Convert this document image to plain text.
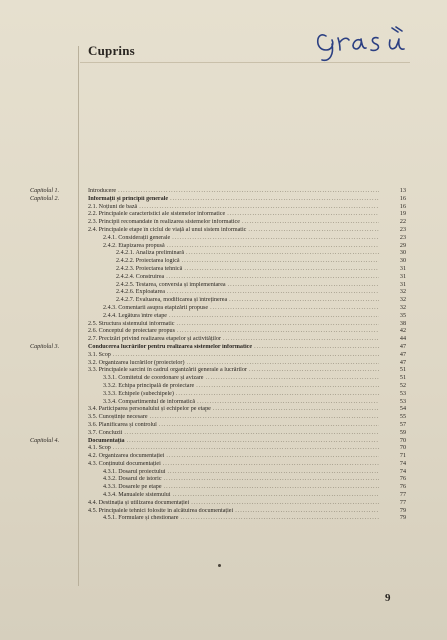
Cuprins
Capitolul 1.	Introducere .....	13
Capitolul 2.	Informații și principii generale .....	16
2.1. Noțiuni de bază .....	16
2.2. Principalele caracteristici ale sistemelor informatice .....	19
2.3. Principii recomandate în realizarea sistemelor informatice .....	22
2.4. Principalele etape în ciclul de viață al unui sistem informatic .....	23
2.4.1. Considerații generale .....	23
2.4.2. Etapizarea propusă .....	29
2.4.2.1. Analiza preliminară .....	30
2.4.2.2. Proiectarea logică .....	30
2.4.2.3. Proiectarea tehnică .....	31
2.4.2.4. Construirea .....	31
2.4.2.5. Testarea, conversia și implementarea .....	31
2.4.2.6. Exploatarea .....	32
2.4.2.7. Evaluarea, modificarea și întreținerea .....	32
2.4.3. Comentarii asupra etapizării propuse .....	32
2.4.4. Legătura între etape .....	35
2.5. Structura sistemului informatic .....	38
2.6. Conceptul de proiectare propus .....	42
2.7. Precizări privind realizarea etapelor și activităților .....	44
Capitolul 3.	Conducerea lucrărilor pentru realizarea sistemelor informatice .....	47
3.1. Scop .....	47
3.2. Organizarea lucrărilor (proiectelor) .....	47
3.3. Principalele sarcini în cadrul organizării generale a lucrărilor .....	51
3.3.1. Comitetul de coordonare și avizare .....	51
3.3.2. Echipa principală de proiectare .....	52
3.3.3. Echipele (subechipele) .....	53
3.3.4. Compartimentul de informatică .....	53
3.4. Participarea personalului și echipelor pe etape .....	54
3.5. Cunoștințe necesare .....	55
3.6. Planificarea și controlul .....	57
3.7. Concluzii .....	59
Capitolul 4.	Documentația .....	70
4.1. Scop .....	70
4.2. Organizarea documentației .....	71
4.3. Conținutul documentației .....	74
4.3.1. Dosarul proiectului .....	74
4.3.2. Dosarul de istoric .....	76
4.3.3. Dosarele pe etape .....	76
4.3.4. Manualele sistemului .....	77
4.4. Destinația și utilizarea documentației .....	77
4.5. Principalele tehnici folosite în alcătuirea documentației .....	79
4.5.1. Formulare și chestionare .....	79
9
